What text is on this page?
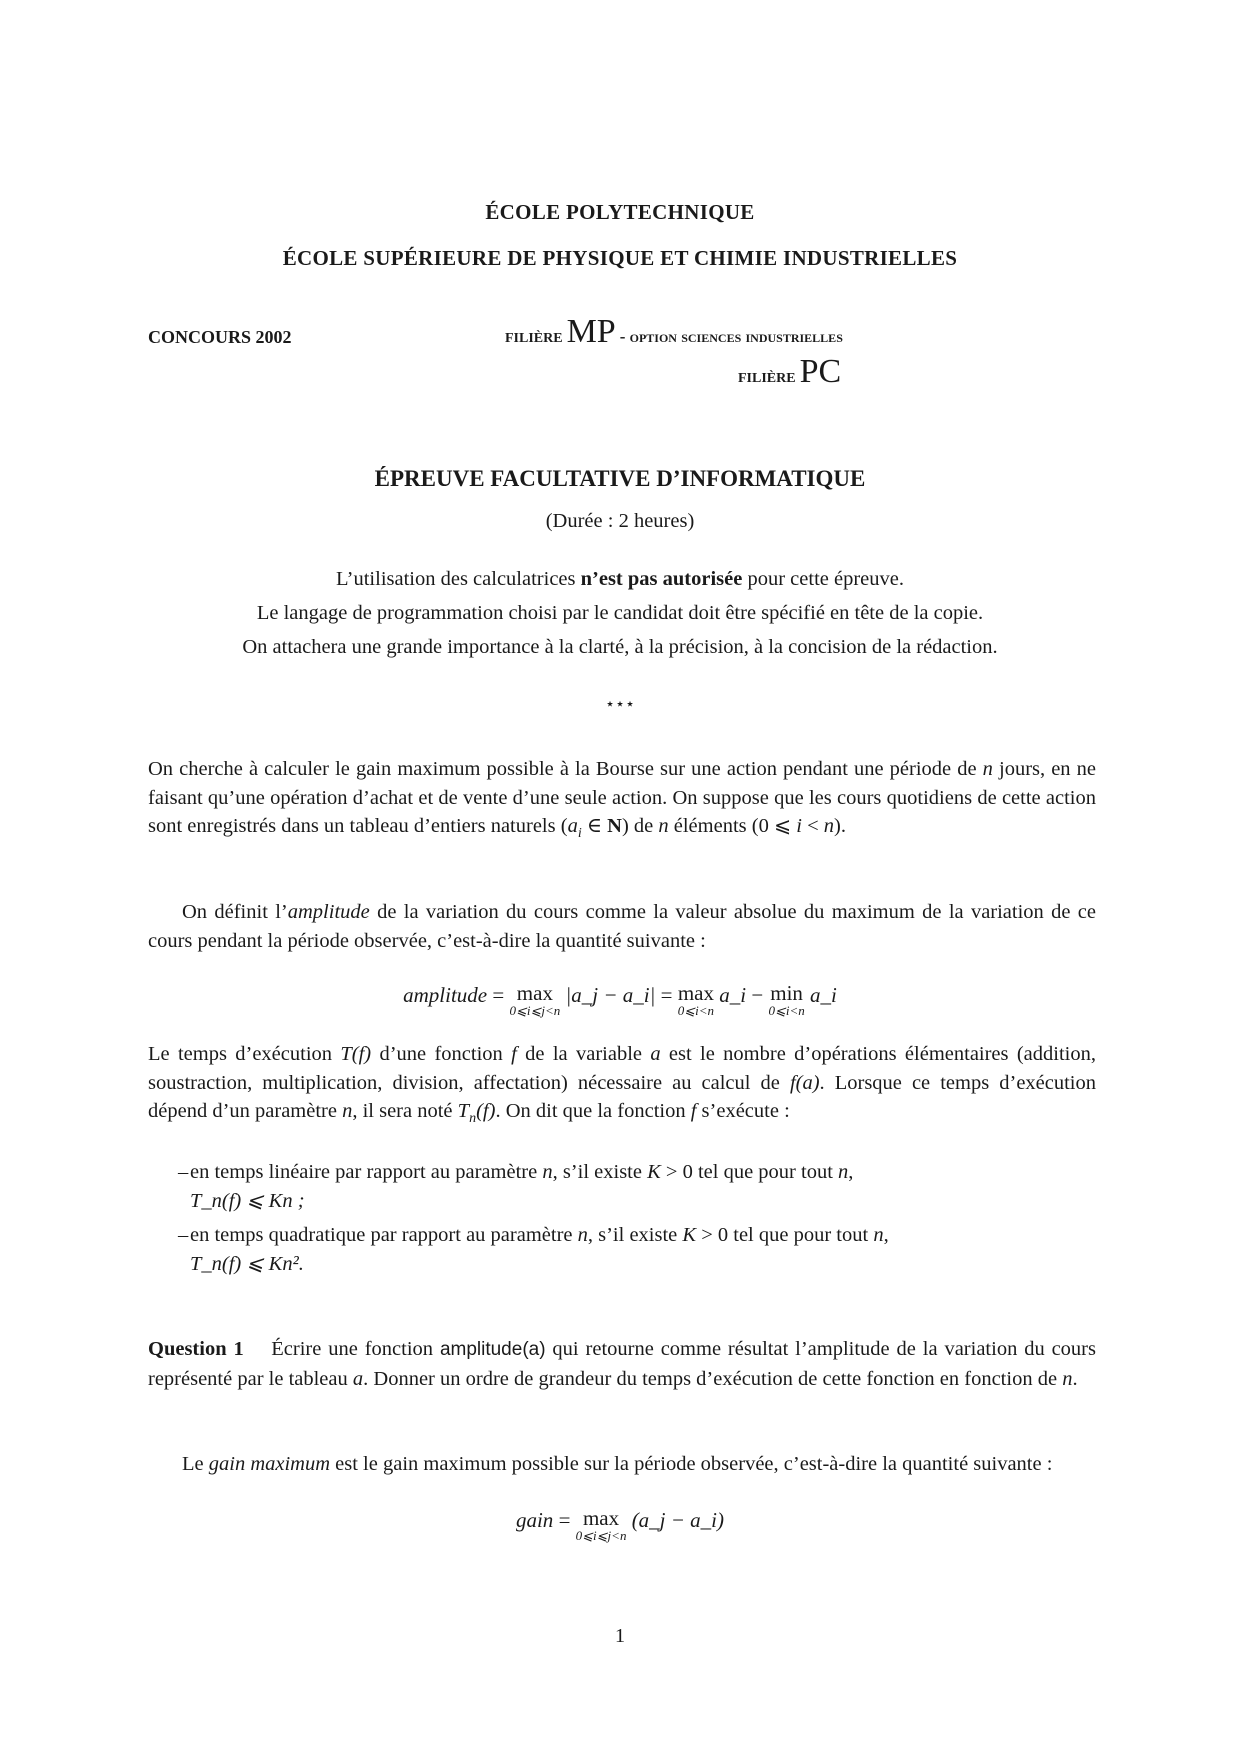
ÉCOLE POLYTECHNIQUE
ÉCOLE SUPÉRIEURE DE PHYSIQUE ET CHIMIE INDUSTRIELLES
CONCOURS 2002	filière MP - option sciences industrielles
filière PC
ÉPREUVE FACULTATIVE D’INFORMATIQUE
(Durée : 2 heures)
L’utilisation des calculatrices n’est pas autorisée pour cette épreuve.
Le langage de programmation choisi par le candidat doit être spécifié en tête de la copie.
On attachera une grande importance à la clarté, à la précision, à la concision de la rédaction.
⋆⋆⋆
On cherche à calculer le gain maximum possible à la Bourse sur une action pendant une période de n jours, en ne faisant qu’une opération d’achat et de vente d’une seule action. On suppose que les cours quotidiens de cette action sont enregistrés dans un tableau d’entiers naturels ($a_i$ ∈ N) de n éléments (0 ⩽ i < n).
On définit l’amplitude de la variation du cours comme la valeur absolue du maximum de la variation de ce cours pendant la période observée, c’est-à-dire la quantité suivante :
amplitude = max
0⩽i⩽j<n
|a_j − a_i| = max
0⩽i<n
a_i − min
0⩽i<n
a_i
Le temps d’exécution T(f) d’une fonction f de la variable a est le nombre d’opérations élémentaires (addition, soustraction, multiplication, division, affectation) nécessaire au calcul de f(a). Lorsque ce temps d’exécution dépend d’un paramètre n, il sera noté $T_n(f)$. On dit que la fonction f s’exécute :
– en temps linéaire par rapport au paramètre n, s’il existe K > 0 tel que pour tout n,
T_n(f) ⩽ Kn ;
– en temps quadratique par rapport au paramètre n, s’il existe K > 0 tel que pour tout n,
T_n(f) ⩽ Kn².
Question 1 Écrire une fonction amplitude(a) qui retourne comme résultat l’amplitude de la variation du cours représenté par le tableau a. Donner un ordre de grandeur du temps d’exécution de cette fonction en fonction de n.
Le gain maximum est le gain maximum possible sur la période observée, c’est-à-dire la quantité suivante :
gain = max
0⩽i⩽j<n
(a_j − a_i)
1
